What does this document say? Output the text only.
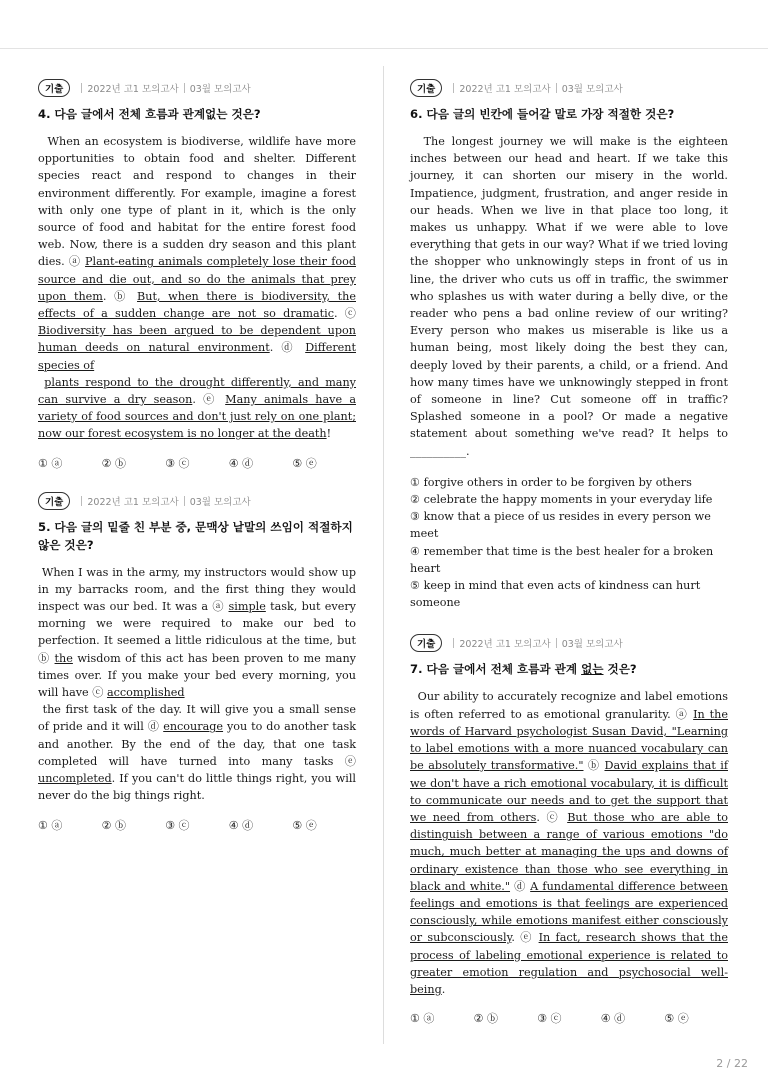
기출	2022년 고1 모의고사 03월 모의고사
4. 다음 글에서 전체 흐름과 관계없는 것은?

When an ecosystem is biodiverse, wildlife have more opportunities to obtain food and shelter. Different species react and respond to changes in their environment differently. For example, imagine a forest with only one type of plant in it, which is the only source of food and habitat for the entire forest food web. Now, there is a sudden dry season and this plant dies. ⓐ Plant-eating animals completely lose their food source and die out, and so do the animals that prey upon them. ⓑ But, when there is biodiversity, the effects of a sudden change are not so dramatic. ⓒ Biodiversity has been argued to be dependent upon human deeds on natural environment. ⓓ Different species of
plants respond to the drought differently, and many can survive a dry season. ⓔ Many animals have a variety of food sources and don't just rely on one plant; now our forest ecosystem is no longer at the death!

① ⓐ	② ⓑ	③ ⓒ	④ ⓓ	⑤ ⓔ
기출	2022년 고1 모의고사 03월 모의고사
5. 다음 글의 밑줄 친 부분 중, 문맥상 낱말의 쓰임이 적절하지 않은 것은?

When I was in the army, my instructors would show up in my barracks room, and the first thing they would inspect was our bed. It was a ⓐ simple task, but every morning we were required to make our bed to perfection. It seemed a little ridiculous at the time, but ⓑ the wisdom of this act has been proven to me many times over. If you make your bed every morning, you will have ⓒ accomplished
the first task of the day. It will give you a small sense of pride and it will ⓓ encourage you to do another task and another. By the end of the day, that one task completed will have turned into many tasks ⓔ uncompleted. If you can't do little things right, you will never do the big things right.

① ⓐ	② ⓑ	③ ⓒ	④ ⓓ	⑤ ⓔ
기출	2022년 고1 모의고사 03월 모의고사
6. 다음 글의 빈칸에 들어갈 말로 가장 적절한 것은?

The longest journey we will make is the eighteen inches between our head and heart. If we take this journey, it can shorten our misery in the world. Impatience, judgment, frustration, and anger reside in our heads. When we live in that place too long, it makes us unhappy. What if we were able to love everything that gets in our way? What if we tried loving the shopper who unknowingly steps in front of us in line, the driver who cuts us off in traffic, the swimmer who splashes us with water during a belly dive, or the reader who pens a bad online review of our writing? Every person who makes us miserable is like us a human being, most likely doing the best they can, deeply loved by their parents, a child, or a friend. And how many times have we unknowingly stepped in front of someone in line? Cut someone off in traffic? Splashed someone in a pool? Or made a negative statement about something we've read? It helps to __________.

① forgive others in order to be forgiven by others
② celebrate the happy moments in your everyday life
③ know that a piece of us resides in every person we meet
④ remember that time is the best healer for a broken heart
⑤ keep in mind that even acts of kindness can hurt
someone
기출	2022년 고1 모의고사 03월 모의고사
7. 다음 글에서 전체 흐름과 관계 없는 것은?

Our ability to accurately recognize and label emotions is often referred to as emotional granularity. ⓐ In the words of Harvard psychologist Susan David, "Learning to label emotions with a more nuanced vocabulary can be absolutely transformative." ⓑ David explains that if we don't have a rich emotional vocabulary, it is difficult to communicate our needs and to get the support that we need from others. ⓒ But those who are able to distinguish between a range of various emotions "do much, much better at managing the ups and downs of ordinary existence than those who see everything in black and white." ⓓ A fundamental difference between feelings and emotions is that feelings are experienced consciously, while emotions manifest either consciously or subconsciously. ⓔ In fact, research shows that the process of labeling emotional experience is related to greater emotion regulation and psychosocial well-being.

① ⓐ	② ⓑ	③ ⓒ	④ ⓓ	⑤ ⓔ
2 / 22
